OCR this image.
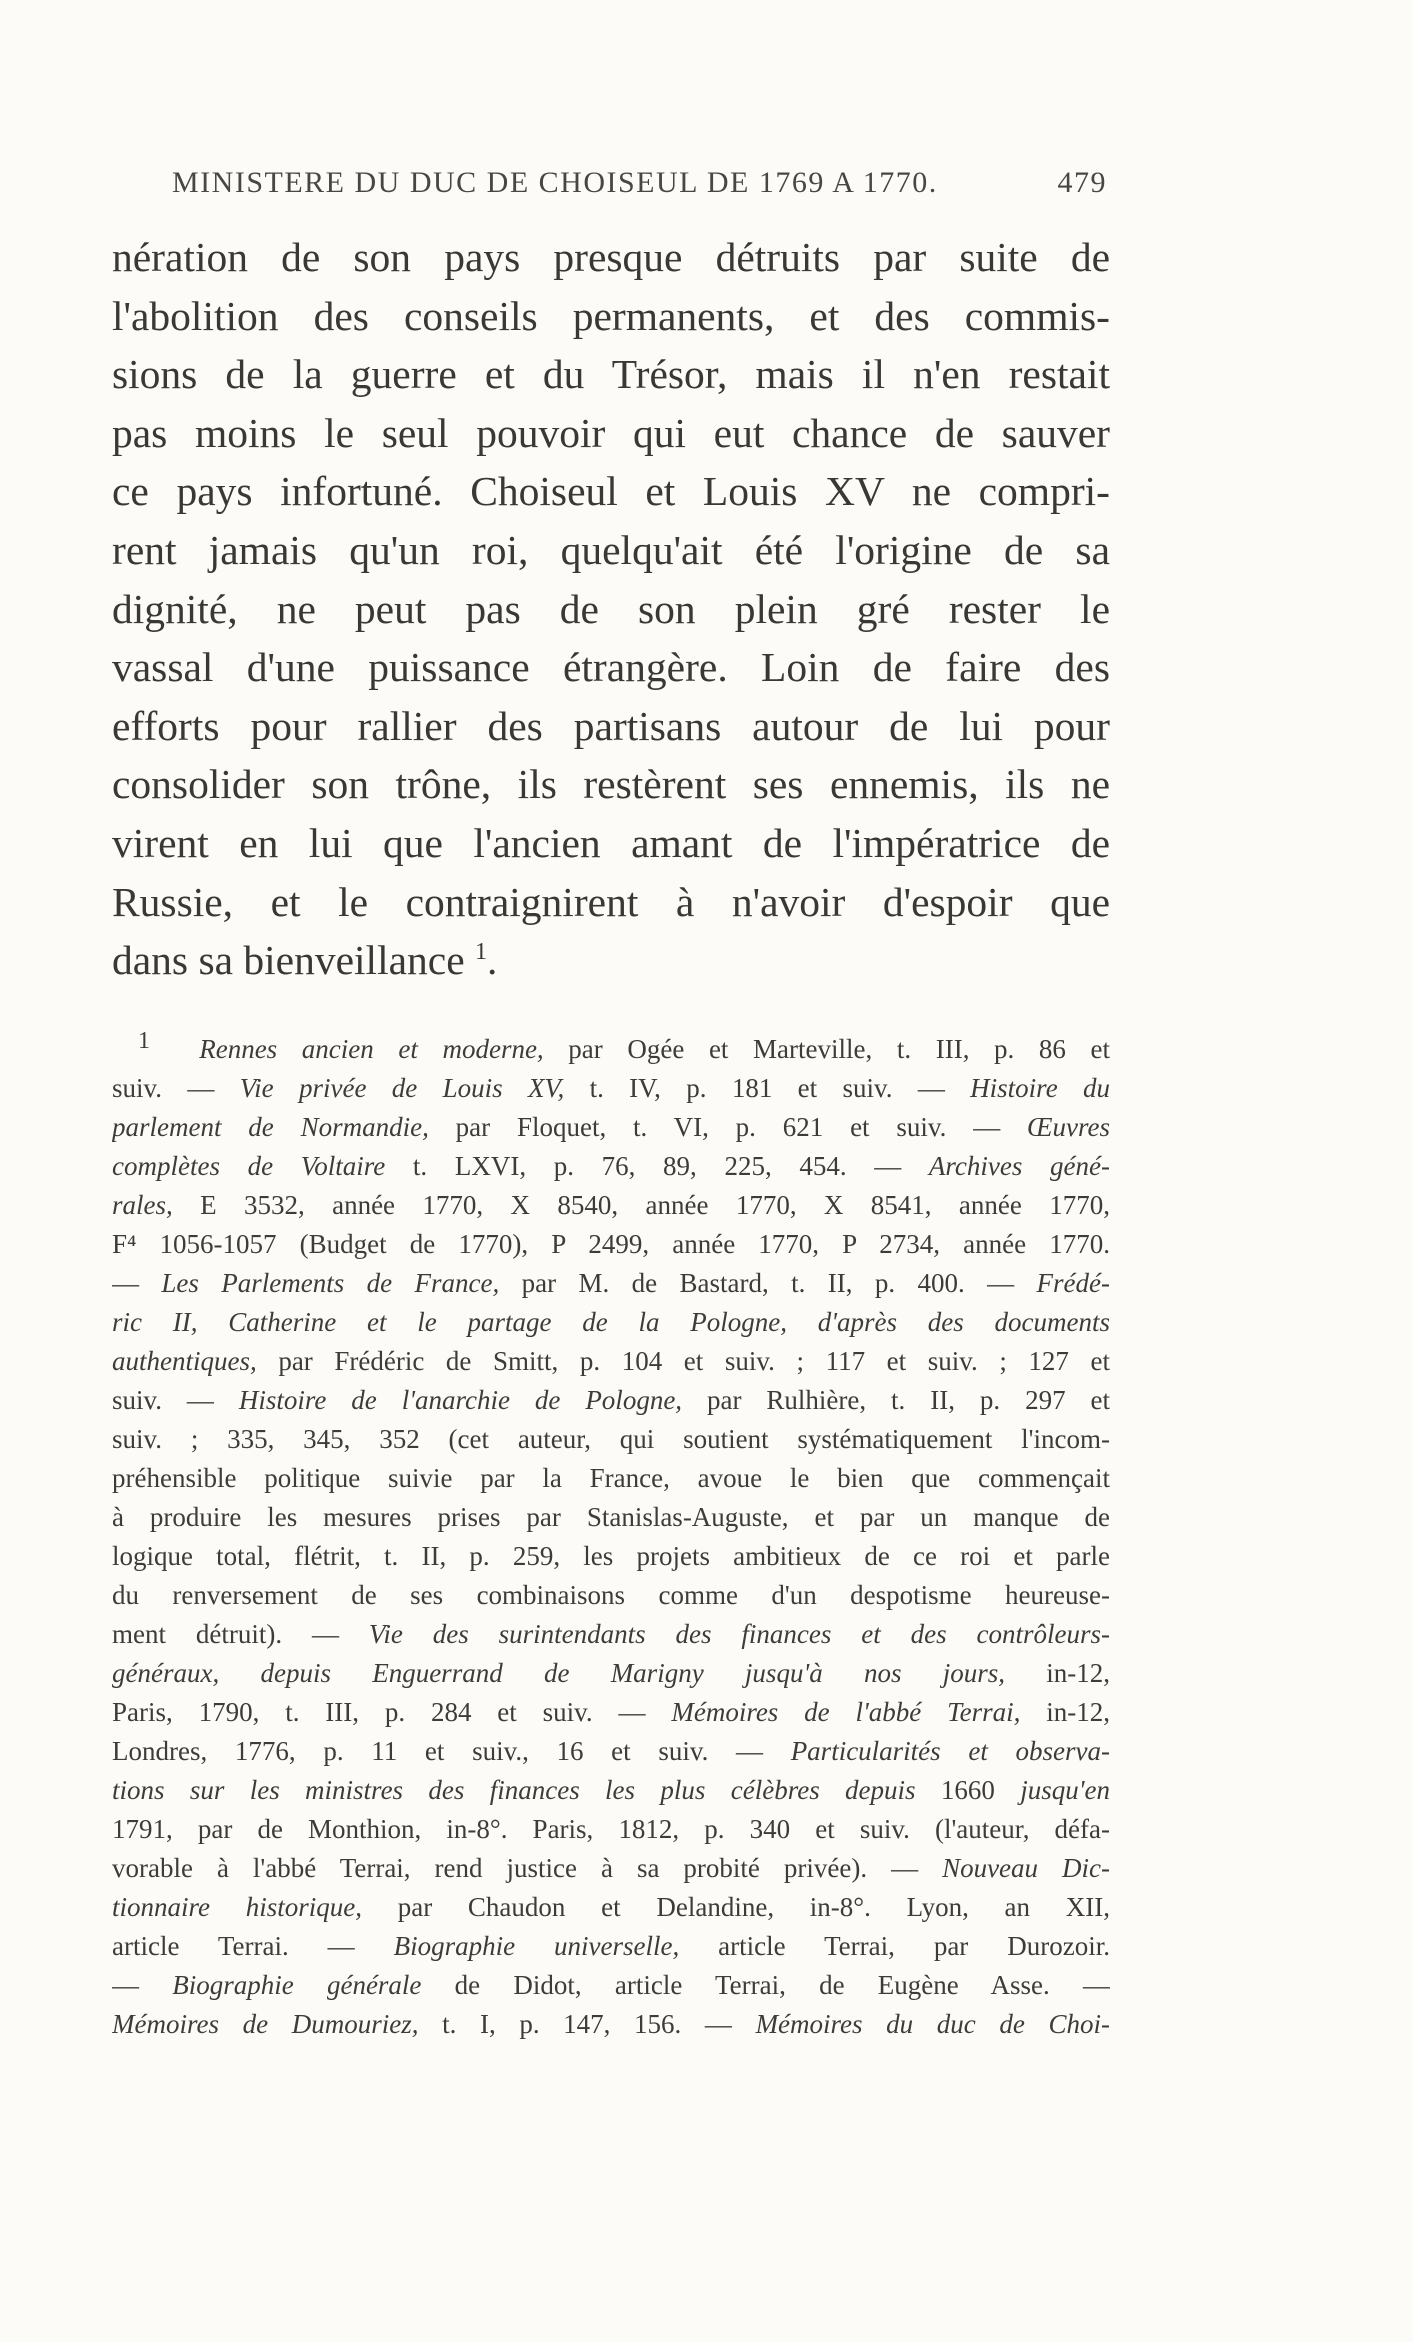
MINISTERE DU DUC DE CHOISEUL DE 1769 A 1770.	479
nération de son pays presque détruits par suite de
l'abolition des conseils permanents, et des commis-
sions de la guerre et du Trésor, mais il n'en restait
pas moins le seul pouvoir qui eut chance de sauver
ce pays infortuné. Choiseul et Louis XV ne compri-
rent jamais qu'un roi, quelqu'ait été l'origine de sa
dignité, ne peut pas de son plein gré rester le
vassal d'une puissance étrangère. Loin de faire des
efforts pour rallier des partisans autour de lui pour
consolider son trône, ils restèrent ses ennemis, ils ne
virent en lui que l'ancien amant de l'impératrice de
Russie, et le contraignirent à n'avoir d'espoir que
dans sa bienveillance $^1$.
1 Rennes ancien et moderne, par Ogée et Marteville, t. III, p. 86 et
suiv. — Vie privée de Louis XV, t. IV, p. 181 et suiv. — Histoire du
parlement de Normandie, par Floquet, t. VI, p. 621 et suiv. — Œuvres
complètes de Voltaire t. LXVI, p. 76, 89, 225, 454. — Archives géné-
rales, E 3532, année 1770, X 8540, année 1770, X 8541, année 1770,
F⁴ 1056-1057 (Budget de 1770), P 2499, année 1770, P 2734, année 1770.
— Les Parlements de France, par M. de Bastard, t. II, p. 400. — Frédé-
ric II, Catherine et le partage de la Pologne, d'après des documents
authentiques, par Frédéric de Smitt, p. 104 et suiv. ; 117 et suiv. ; 127 et
suiv. — Histoire de l'anarchie de Pologne, par Rulhière, t. II, p. 297 et
suiv. ; 335, 345, 352 (cet auteur, qui soutient systématiquement l'incom-
préhensible politique suivie par la France, avoue le bien que commençait
à produire les mesures prises par Stanislas-Auguste, et par un manque de
logique total, flétrit, t. II, p. 259, les projets ambitieux de ce roi et parle
du renversement de ses combinaisons comme d'un despotisme heureuse-
ment détruit). — Vie des surintendants des finances et des contrôleurs-
généraux, depuis Enguerrand de Marigny jusqu'à nos jours, in-12,
Paris, 1790, t. III, p. 284 et suiv. — Mémoires de l'abbé Terrai, in-12,
Londres, 1776, p. 11 et suiv., 16 et suiv. — Particularités et observa-
tions sur les ministres des finances les plus célèbres depuis 1660 jusqu'en
1791, par de Monthion, in-8°. Paris, 1812, p. 340 et suiv. (l'auteur, défa-
vorable à l'abbé Terrai, rend justice à sa probité privée). — Nouveau Dic-
tionnaire historique, par Chaudon et Delandine, in-8°. Lyon, an XII,
article Terrai. — Biographie universelle, article Terrai, par Durozoir.
— Biographie générale de Didot, article Terrai, de Eugène Asse. —
Mémoires de Dumouriez, t. I, p. 147, 156. — Mémoires du duc de Choi-
